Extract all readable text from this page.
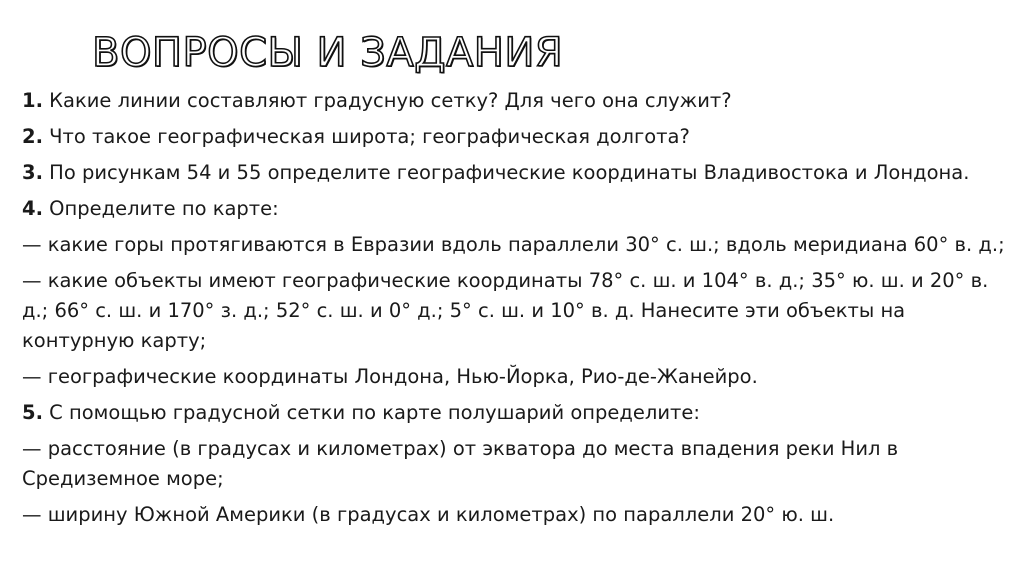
ВОПРОСЫ И ЗАДАНИЯ

1. Какие линии составляют градусную сетку? Для чего она служит?

2. Что такое географическая широта; географическая долгота?

3. По рисункам 54 и 55 определите географические координаты Владивостока и Лондона.

4. Определите по карте:

— какие горы протягиваются в Евразии вдоль параллели 30° с. ш.; вдоль меридиана 60° в. д.;

— какие объекты имеют географические координаты 78° с. ш. и 104° в. д.; 35° ю. ш. и 20° в. д.; 66° с. ш. и 170° з. д.; 52° с. ш. и 0° д.; 5° с. ш. и 10° в. д. Нанесите эти объекты на контурную карту;

— географические координаты Лондона, Нью-Йорка, Рио-де-Жанейро.

5. С помощью градусной сетки по карте полушарий определите:

— расстояние (в градусах и километрах) от экватора до места впадения реки Нил в Средиземное море;

— ширину Южной Америки (в градусах и километрах) по параллели 20° ю. ш.
